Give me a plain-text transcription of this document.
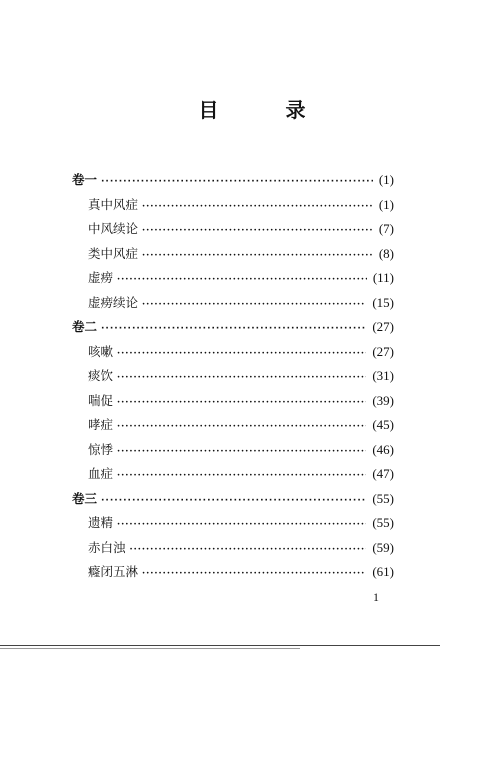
目 录
卷一 ·····	(1)
真中风症 ·····	(1)
中风续论 ·····	(7)
类中风症 ·····	(8)
虚痨 ·····	(11)
虚痨续论 ·····	(15)
卷二 ·····	(27)
咳嗽 ·····	(27)
痰饮 ·····	(31)
喘促 ·····	(39)
哮症 ·····	(45)
惊悸 ·····	(46)
血症 ·····	(47)
卷三 ·····	(55)
遗精 ·····	(55)
赤白浊 ·····	(59)
癃闭五淋 ·····	(61)
1
